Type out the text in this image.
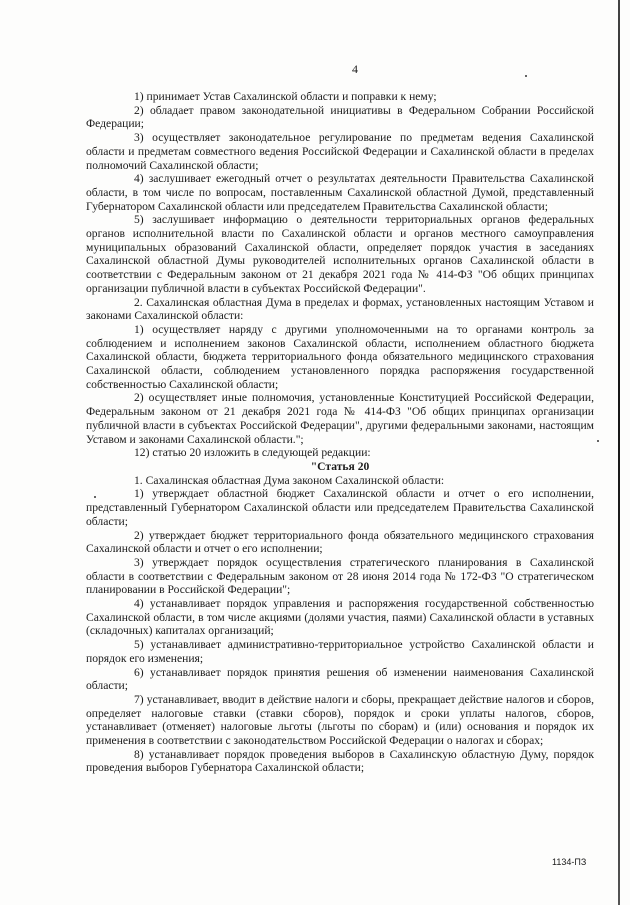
4

1) принимает Устав Сахалинской области и поправки к нему;

2) обладает правом законодательной инициативы в Федеральном Собрании Российской Федерации;

3) осуществляет законодательное регулирование по предметам ведения Сахалинской области и предметам совместного ведения Российской Федерации и Сахалинской области в пределах полномочий Сахалинской области;

4) заслушивает ежегодный отчет о результатах деятельности Правительства Сахалинской области, в том числе по вопросам, поставленным Сахалинской областной Думой, представленный Губернатором Сахалинской области или председателем Правительства Сахалинской области;

5) заслушивает информацию о деятельности территориальных органов федеральных органов исполнительной власти по Сахалинской области и органов местного самоуправления муниципальных образований Сахалинской области, определяет порядок участия в заседаниях Сахалинской областной Думы руководителей исполнительных органов Сахалинской области в соответствии с Федеральным законом от 21 декабря 2021 года № 414-ФЗ "Об общих принципах организации публичной власти в субъектах Российской Федерации".

2. Сахалинская областная Дума в пределах и формах, установленных настоящим Уставом и законами Сахалинской области:

1) осуществляет наряду с другими уполномоченными на то органами контроль за соблюдением и исполнением законов Сахалинской области, исполнением областного бюджета Сахалинской области, бюджета территориального фонда обязательного медицинского страхования Сахалинской области, соблюдением установленного порядка распоряжения государственной собственностью Сахалинской области;

2) осуществляет иные полномочия, установленные Конституцией Российской Федерации, Федеральным законом от 21 декабря 2021 года № 414-ФЗ "Об общих принципах организации публичной власти в субъектах Российской Федерации", другими федеральными законами, настоящим Уставом и законами Сахалинской области.";

12) статью 20 изложить в следующей редакции:

"Статья 20

1. Сахалинская областная Дума законом Сахалинской области:

1) утверждает областной бюджет Сахалинской области и отчет о его исполнении, представленный Губернатором Сахалинской области или председателем Правительства Сахалинской области;

2) утверждает бюджет территориального фонда обязательного медицинского страхования Сахалинской области и отчет о его исполнении;

3) утверждает порядок осуществления стратегического планирования в Сахалинской области в соответствии с Федеральным законом от 28 июня 2014 года № 172-ФЗ "О стратегическом планировании в Российской Федерации";

4) устанавливает порядок управления и распоряжения государственной собственностью Сахалинской области, в том числе акциями (долями участия, паями) Сахалинской области в уставных (складочных) капиталах организаций;

5) устанавливает административно-территориальное устройство Сахалинской области и порядок его изменения;

6) устанавливает порядок принятия решения об изменении наименования Сахалинской области;

7) устанавливает, вводит в действие налоги и сборы, прекращает действие налогов и сборов, определяет налоговые ставки (ставки сборов), порядок и сроки уплаты налогов, сборов, устанавливает (отменяет) налоговые льготы (льготы по сборам) и (или) основания и порядок их применения в соответствии с законодательством Российской Федерации о налогах и сборах;

8) устанавливает порядок проведения выборов в Сахалинскую областную Думу, порядок проведения выборов Губернатора Сахалинской области;

1134-ПЗ
